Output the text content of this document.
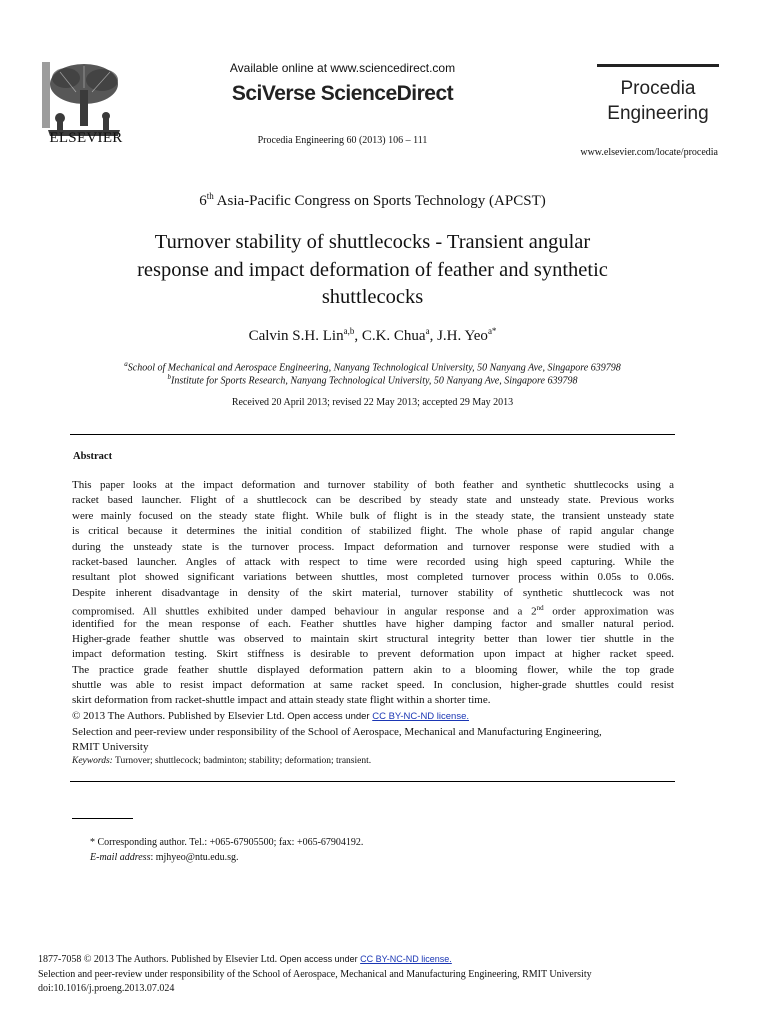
ELSEVIER
Available online at www.sciencedirect.com
SciVerse ScienceDirect
Procedia Engineering 60 (2013) 106 – 111
Procedia
Engineering
www.elsevier.com/locate/procedia
6th Asia-Pacific Congress on Sports Technology (APCST)
Turnover stability of shuttlecocks - Transient angular
response and impact deformation of feather and synthetic
shuttlecocks
Calvin S.H. Lin$^{a,b}$, C.K. Chua$^a$, J.H. Yeo$^{a*}$
$^a$School of Mechanical and Aerospace Engineering, Nanyang Technological University, 50 Nanyang Ave, Singapore 639798
$^b$Institute for Sports Research, Nanyang Technological University, 50 Nanyang Ave, Singapore 639798
Received 20 April 2013; revised 22 May 2013; accepted 29 May 2013
Abstract
This paper looks at the impact deformation and turnover stability of both feather and synthetic shuttlecocks using a
racket based launcher. Flight of a shuttlecock can be described by steady state and unsteady state. Previous works
were mainly focused on the steady state flight. While bulk of flight is in the steady state, the transient unsteady state
is critical because it determines the initial condition of stabilized flight. The whole phase of rapid angular change
during the unsteady state is the turnover process. Impact deformation and turnover response were studied with a
racket-based launcher. Angles of attack with respect to time were recorded using high speed capturing. While the
resultant plot showed significant variations between shuttles, most completed turnover process within 0.05s to 0.06s.
Despite inherent disadvantage in density of the skirt material, turnover stability of synthetic shuttlecock was not
compromised. All shuttles exhibited under damped behaviour in angular response and a 2nd order approximation was
identified for the mean response of each. Feather shuttles have higher damping factor and smaller natural period.
Higher-grade feather shuttle was observed to maintain skirt structural integrity better than lower tier shuttle in the
impact deformation testing. Skirt stiffness is desirable to prevent deformation upon impact at higher racket speed.
The practice grade feather shuttle displayed deformation pattern akin to a blooming flower, while the top grade
shuttle was able to resist impact deformation at same racket speed. In conclusion, higher-grade shuttles could resist
skirt deformation from racket-shuttle impact and attain steady state flight within a shorter time.
© 2013 The Authors. Published by Elsevier Ltd. Open access under CC BY-NC-ND license.
Selection and peer-review under responsibility of the School of Aerospace, Mechanical and Manufacturing Engineering,
RMIT University
Keywords: Turnover; shuttlecock; badminton; stability; deformation; transient.
* Corresponding author. Tel.: +065-67905500; fax: +065-67904192.
E-mail address: mjhyeo@ntu.edu.sg.
1877-7058 © 2013 The Authors. Published by Elsevier Ltd. Open access under CC BY-NC-ND license.
Selection and peer-review under responsibility of the School of Aerospace, Mechanical and Manufacturing Engineering, RMIT University
doi:10.1016/j.proeng.2013.07.024
